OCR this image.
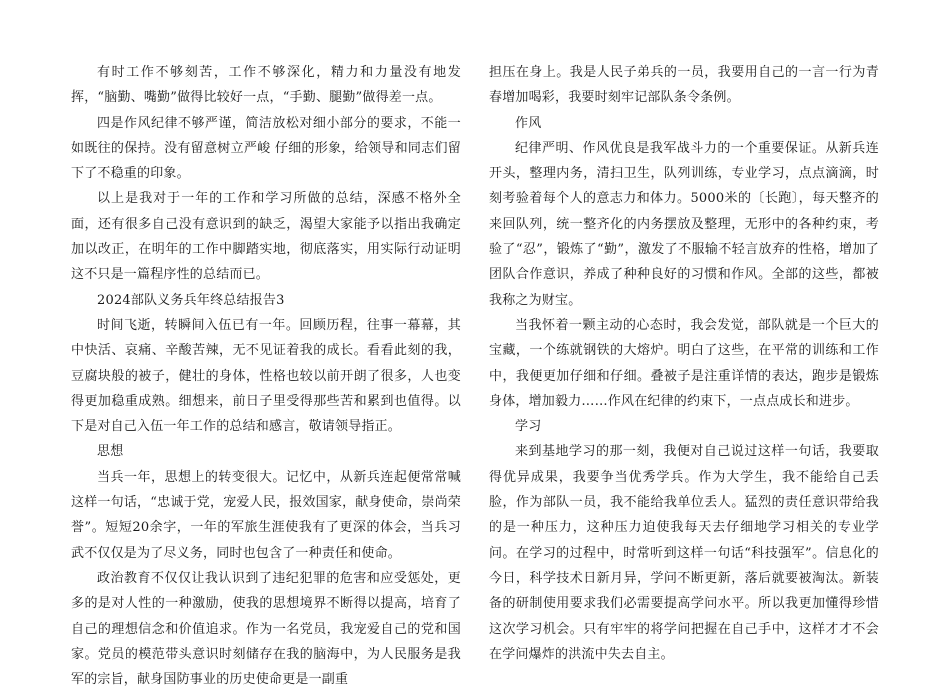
有时工作不够刻苦，工作不够深化，精力和力量没有地发挥，“脑勤、嘴勤”做得比较好一点，“手勤、腿勤”做得差一点。

四是作风纪律不够严谨，简洁放松对细小部分的要求，不能一如既往的保持。没有留意树立严峻 仔细的形象，给领导和同志们留下了不稳重的印象。

以上是我对于一年的工作和学习所做的总结，深感不格外全面，还有很多自己没有意识到的缺乏，渴望大家能予以指出我确定加以改正，在明年的工作中脚踏实地，彻底落实，用实际行动证明这不只是一篇程序性的总结而已。

2024部队义务兵年终总结报告3

时间飞逝，转瞬间入伍已有一年。回顾历程，往事一幕幕，其中快活、哀痛、辛酸苦辣，无不见证着我的成长。看看此刻的我，豆腐块般的被子，健壮的身体，性格也较以前开朗了很多，人也变得更加稳重成熟。细想来，前日子里受得那些苦和累到也值得。以下是对自己入伍一年工作的总结和感言，敬请领导指正。

思想

当兵一年，思想上的转变很大。记忆中，从新兵连起便常常喊这样一句话，“忠诚于党，宠爱人民，报效国家，献身使命，崇尚荣誉”。短短20余字，一年的军旅生涯使我有了更深的体会，当兵习武不仅仅是为了尽义务，同时也包含了一种责任和使命。

政治教育不仅仅让我认识到了违纪犯罪的危害和应受惩处，更多的是对人性的一种激励，使我的思想境界不断得以提高，培育了自己的理想信念和价值追求。作为一名党员，我宠爱自己的党和国家。党员的模范带头意识时刻储存在我的脑海中，为人民服务是我军的宗旨，献身国防事业的历史使命更是一副重

担压在身上。我是人民子弟兵的一员，我要用自己的一言一行为青春增加喝彩，我要时刻牢记部队条令条例。

作风

纪律严明、作风优良是我军战斗力的一个重要保证。从新兵连开头，整理内务，清扫卫生，队列训练，专业学习，点点滴滴，时刻考验着每个人的意志力和体力。5000米的〔长跑〕，每天整齐的来回队列，统一整齐化的内务摆放及整理，无形中的各种约束，考验了“忍”，锻炼了“勤”，激发了不服输不轻言放弃的性格，增加了团队合作意识，养成了种种良好的习惯和作风。全部的这些，都被我称之为财宝。

当我怀着一颗主动的心态时，我会发觉，部队就是一个巨大的宝藏，一个练就钢铁的大熔炉。明白了这些，在平常的训练和工作中，我便更加仔细和仔细。叠被子是注重详情的表达，跑步是锻炼身体，增加毅力……作风在纪律的约束下，一点点成长和进步。

学习

来到基地学习的那一刻，我便对自己说过这样一句话，我要取得优异成果，我要争当优秀学兵。作为大学生，我不能给自己丢脸，作为部队一员，我不能给我单位丢人。猛烈的责任意识带给我的是一种压力，这种压力迫使我每天去仔细地学习相关的专业学问。在学习的过程中，时常听到这样一句话“科技强军”。信息化的今日，科学技术日新月异，学问不断更新，落后就要被淘汰。新装备的研制使用要求我们必需要提高学问水平。所以我更加懂得珍惜这次学习机会。只有牢牢的将学问把握在自己手中，这样才才不会在学问爆炸的洪流中失去自主。
